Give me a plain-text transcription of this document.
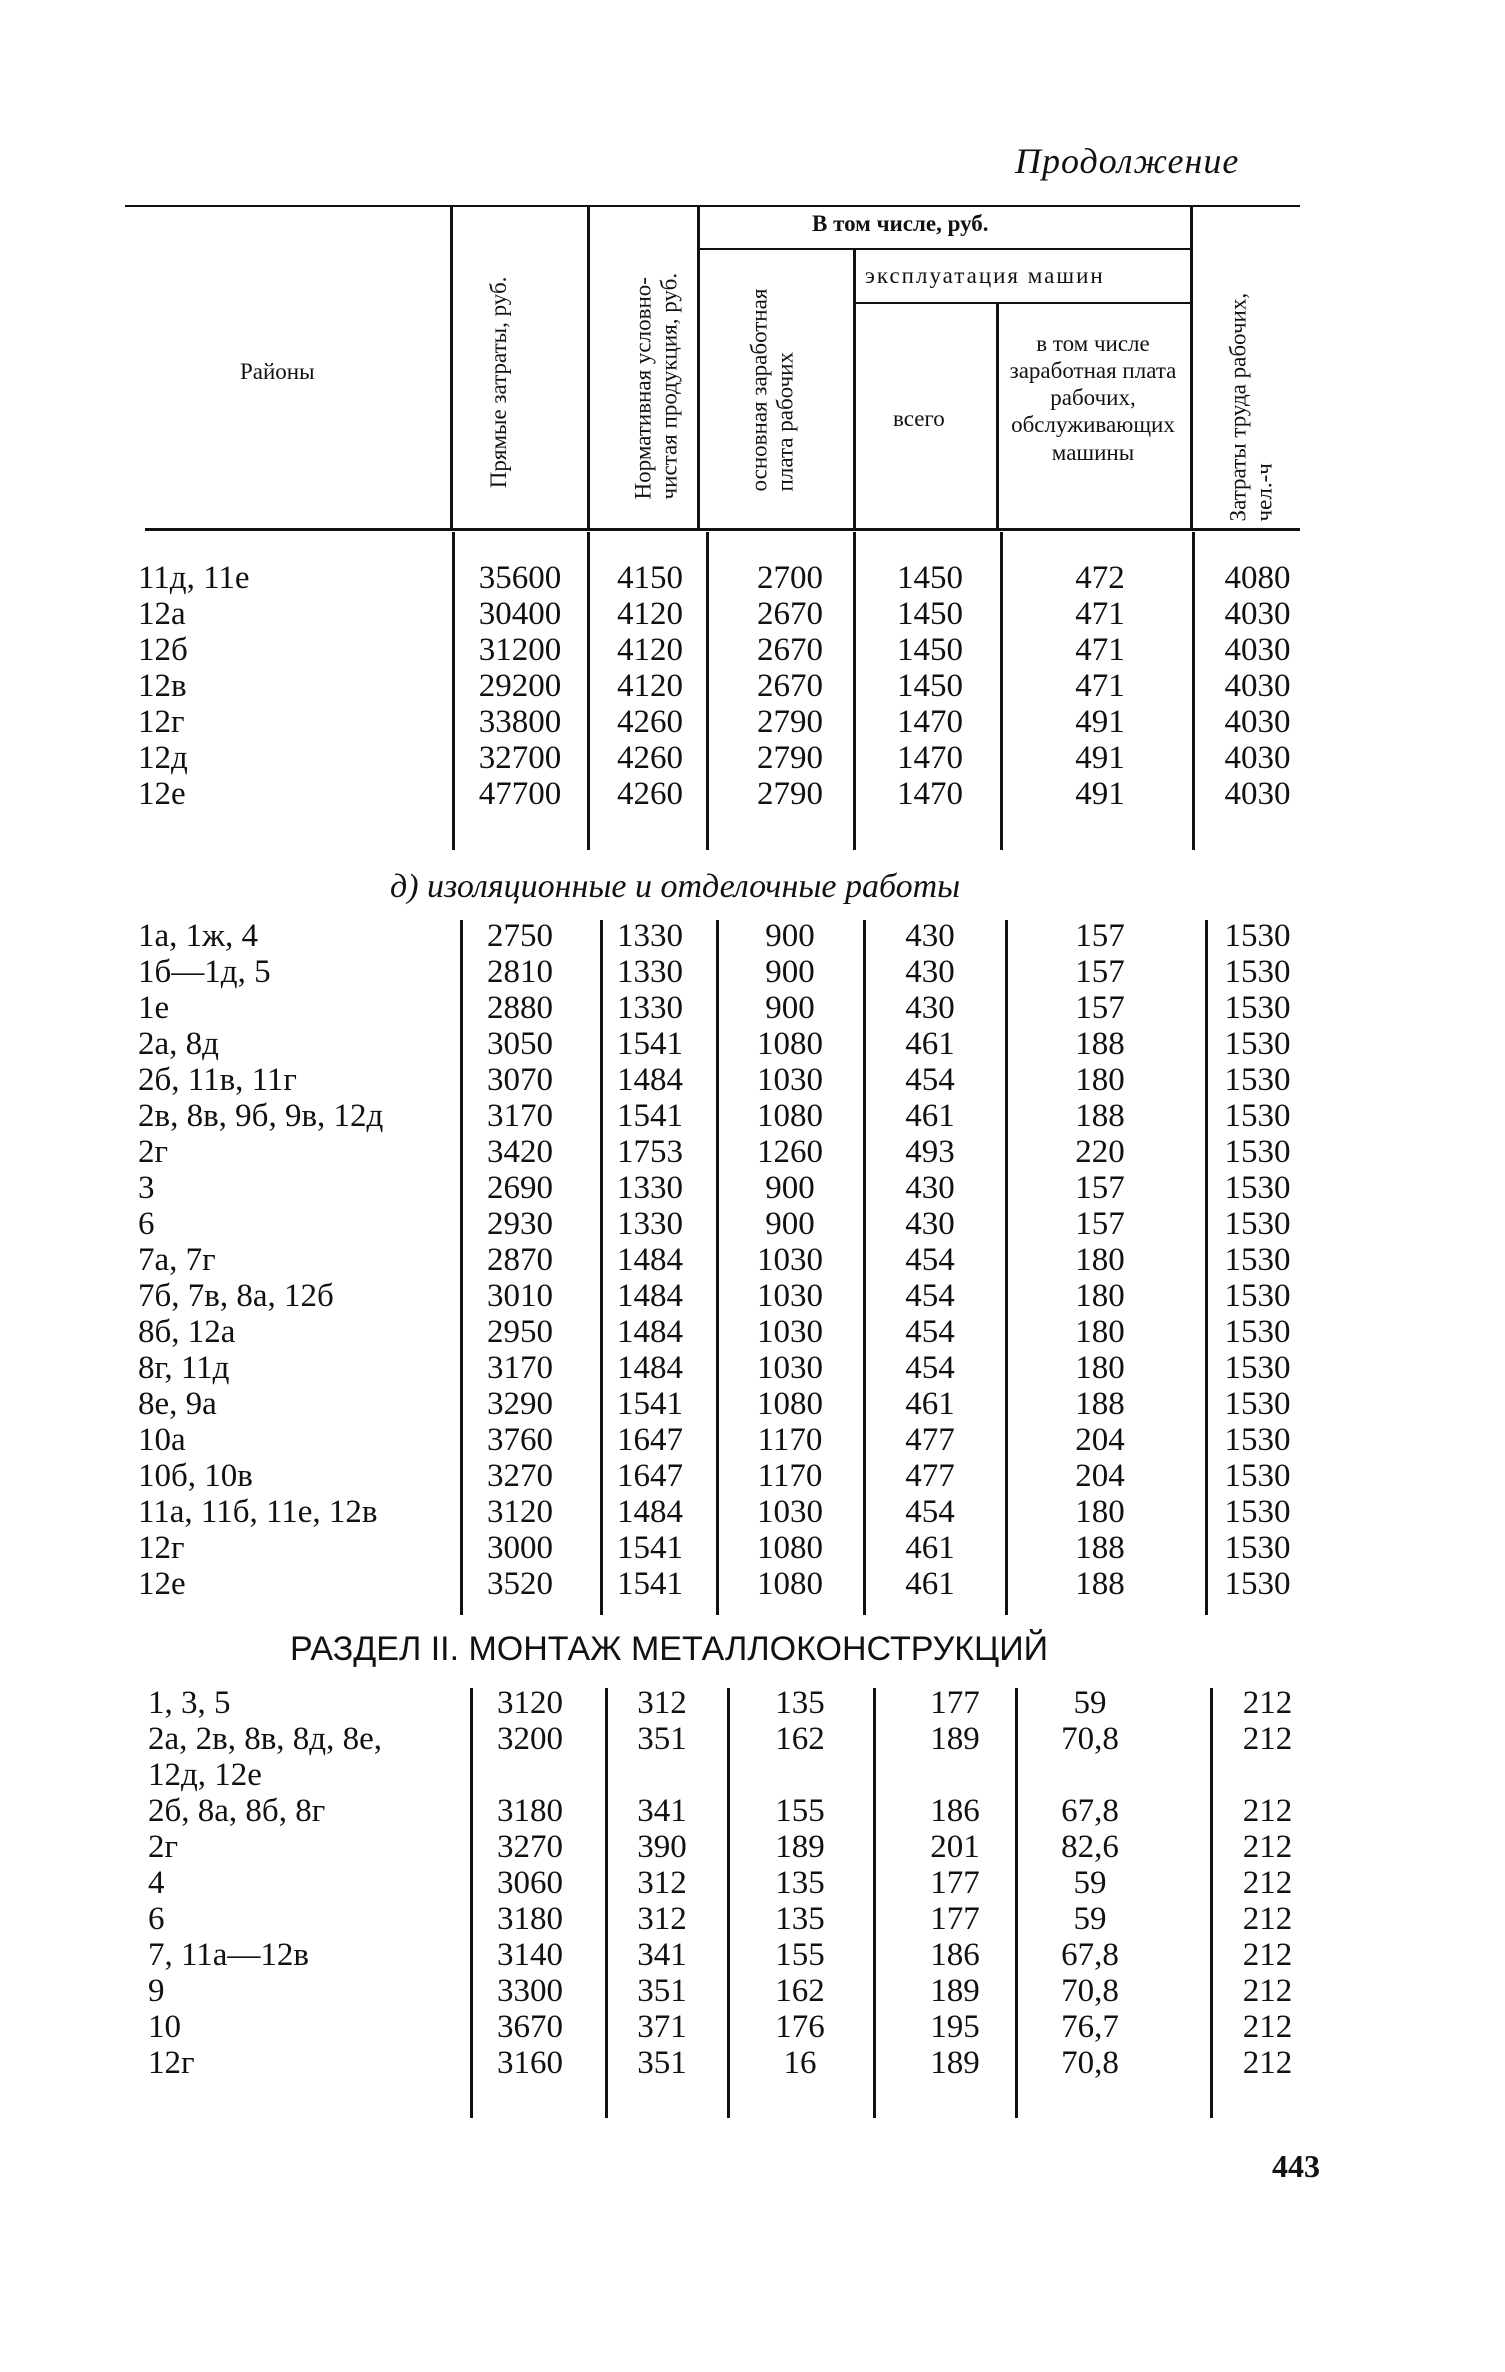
Продолжение
Районы	Прямые затраты, руб.	Нормативная условно-чистая продукция, руб.
В том числе, руб.
основная заработная плата рабочих
эксплуатация машин
всего
в том числе заработная плата рабочих, обслуживающих машины	Затраты труда рабочих, чел.-ч
11д, 11е	35600	4150	2700	1450	472	4080
12а	30400	4120	2670	1450	471	4030
12б	31200	4120	2670	1450	471	4030
12в	29200	4120	2670	1450	471	4030
12г	33800	4260	2790	1470	491	4030
12д	32700	4260	2790	1470	491	4030
12е	47700	4260	2790	1470	491	4030
д) изоляционные и отделочные работы
1а, 1ж, 4	2750	1330	900	430	157	1530
1б—1д, 5	2810	1330	900	430	157	1530
1е	2880	1330	900	430	157	1530
2а, 8д	3050	1541	1080	461	188	1530
2б, 11в, 11г	3070	1484	1030	454	180	1530
2в, 8в, 9б, 9в, 12д	3170	1541	1080	461	188	1530
2г	3420	1753	1260	493	220	1530
3	2690	1330	900	430	157	1530
6	2930	1330	900	430	157	1530
7а, 7г	2870	1484	1030	454	180	1530
7б, 7в, 8а, 12б	3010	1484	1030	454	180	1530
8б, 12а	2950	1484	1030	454	180	1530
8г, 11д	3170	1484	1030	454	180	1530
8е, 9а	3290	1541	1080	461	188	1530
10а	3760	1647	1170	477	204	1530
10б, 10в	3270	1647	1170	477	204	1530
11а, 11б, 11е, 12в	3120	1484	1030	454	180	1530
12г	3000	1541	1080	461	188	1530
12е	3520	1541	1080	461	188	1530
РАЗДЕЛ II. МОНТАЖ МЕТАЛЛОКОНСТРУКЦИЙ
1, 3, 5	3120	312	135	177	59	212
2а, 2в, 8в, 8д, 8е,	3200	351	162	189	70,8	212
12д, 12е
2б, 8а, 8б, 8г	3180	341	155	186	67,8	212
2г	3270	390	189	201	82,6	212
4	3060	312	135	177	59	212
6	3180	312	135	177	59	212
7, 11а—12в	3140	341	155	186	67,8	212
9	3300	351	162	189	70,8	212
10	3670	371	176	195	76,7	212
12г	3160	351	16	189	70,8	212
443
